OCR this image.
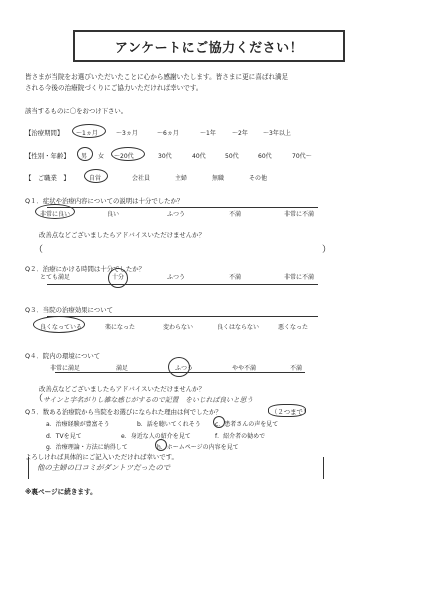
アンケートにご協力ください！
皆さまが当院をお選びいただいたことに心から感謝いたします。皆さまに更に喜ばれ満足
される今後の治療院づくりにご協力いただければ幸いです。
該当するものに〇をおつけ下さい。
【治療期間】 ～1ヵ月	～3ヵ月	～6ヵ月	～1年	～2年	～3年以上
【性別・年齢】 男 女 ～20代	30代	40代	50代	60代	70代～
【　ご職業　】	自営	会社員	主婦	無職	その他
Q１．症状や治療内容についての説明は十分でしたか？
非常に良い	良い	ふつう	不満	非常に不満
改善点などございましたらアドバイスいただけませんか？
（	）
Q２．治療にかける時間は十分でしたか？
とても満足	十分	ふつう	不満	非常に不満
Q３．当院の治療効果について
良くなっている	楽になった	変わらない	良くはならない	悪くなった
Q４．院内の環境について
非常に満足	満足	ふつう	やや不満	不満
改善点などございましたらアドバイスいただけませんか？
（ サインと字名がりし雑な感じがするので記置　をいじれば良いと思う
Q５．数ある治療院から当院をお選びになられた理由は何でしたか？	（２つまで）
a．治療経験が豊富そう	b．話を聴いてくれそう c．患者さんの声を見て
d．TVを見て	e．身近な人の紹介を見て	f．紹介者の勧めで
g．治療理論・方法に納得して	h．ホームページの内容を見て
よろしければ具体的にご記入いただければ幸いです。
他の主婦の口コミがダントツだったので
※裏ページに続きます。
